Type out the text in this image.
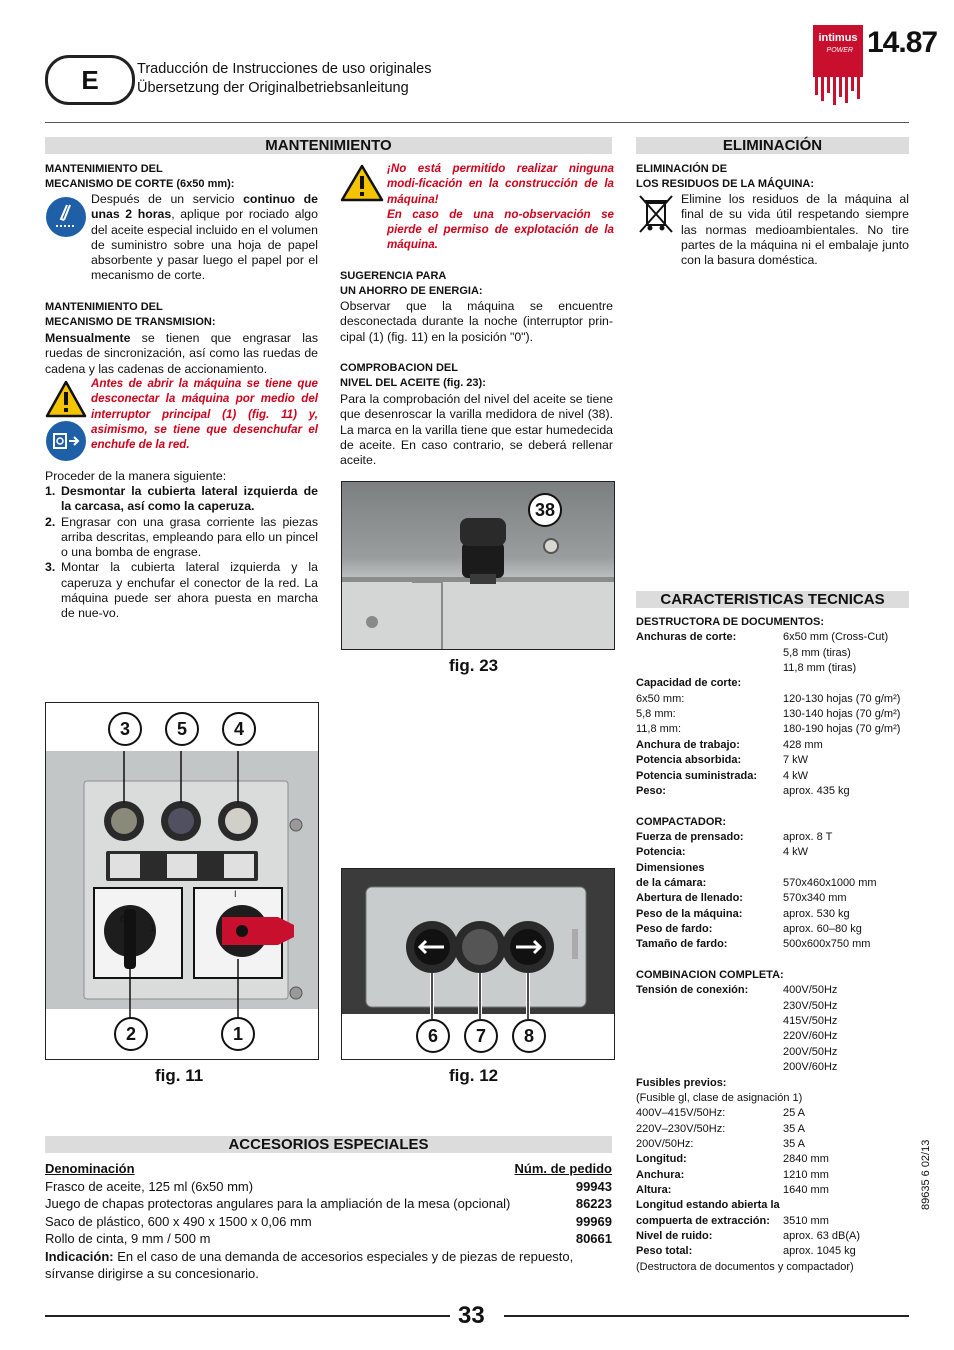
E	Traducción de Instrucciones de uso originales
Übersetzung der Originalbetriebsanleitung
intimus
POWER 14.87
MANTENIMIENTO
MANTENIMIENTO DEL
MECANISMO DE CORTE (6x50 mm):
Después de un servicio continuo de unas 2 horas, aplique por rociado algo del aceite especial incluido en el volumen de suministro sobre una hoja de papel absorbente y pasar luego el papel por el mecanismo de corte.
MANTENIMIENTO DEL
MECANISMO DE TRANSMISION:
Mensualmente se tienen que engrasar las ruedas de sincronización, así como las ruedas de cadena y las cadenas de accionamiento.
Antes de abrir la máquina se tiene que desconectar la máquina por medio del interruptor principal (1) (fig. 11) y, asimismo, se tiene que desenchufar el enchufe de la red.
Proceder de la manera siguiente:
1. Desmontar la cubierta lateral izquierda de la carcasa, así como la caperuza.
2. Engrasar con una grasa corriente las piezas arriba descritas, empleando para ello un pincel o una bomba de engrase.
3. Montar la cubierta lateral izquierda y la caperuza y enchufar el conector de la red. La máquina puede ser ahora puesta en marcha de nue-vo.
¡No está permitido realizar ninguna modi-ficación en la construcción de la máquina!
En caso de una no-observación se pierde el permiso de explotación de la máquina.
SUGERENCIA PARA
UN AHORRO DE ENERGIA:
Observar que la máquina se encuentre desconectada durante la noche (interruptor prin-cipal (1) (fig. 11) en la posición "0").
COMPROBACION DEL
NIVEL DEL ACEITE (fig. 23):
Para la comprobación del nivel del aceite se tiene que desenroscar la varilla medidora de nivel (38). La marca en la varilla tiene que estar humedecida de aceite. En caso contrario, se deberá rellenar aceite.
38
fig. 23
0
1
I
3	5	4
2	1
fig. 11
6	7	8
fig. 12
ACCESORIOS ESPECIALES
Denominación	Núm. de pedido
Frasco de aceite, 125 ml (6x50 mm)	99943
Juego de chapas protectoras angulares para la ampliación de la mesa (opcional)	86223
Saco de plástico, 600 x 490 x 1500 x 0,06 mm	99969
Rollo de cinta, 9 mm / 500 m	80661
Indicación: En el caso de una demanda de accesorios especiales y de piezas de repuesto, sírvanse dirigirse a su concesionario.
ELIMINACIÓN
ELIMINACIÓN DE
LOS RESIDUOS DE LA MÁQUINA:
Elimine los residuos de la máquina al final de su vida útil respetando siempre las normas medioambientales. No tire partes de la máquina ni el embalaje junto con la basura doméstica.
CARACTERISTICAS TECNICAS
DESTRUCTORA DE DOCUMENTOS:
Anchuras de corte:	6x50 mm (Cross-Cut)
5,8 mm (tiras)
11,8 mm (tiras)
Capacidad de corte:
6x50 mm:	120-130 hojas (70 g/m²)
5,8 mm:	130-140 hojas (70 g/m²)
11,8 mm:	180-190 hojas (70 g/m²)
Anchura de trabajo:	428 mm
Potencia absorbida:	7 kW
Potencia suministrada: 4 kW
Peso:	aprox. 435 kg
COMPACTADOR:
Fuerza de prensado:	aprox. 8 T
Potencia:	4 kW
Dimensiones
de la cámara:	570x460x1000 mm
Abertura de llenado:	570x340 mm
Peso de la máquina:	aprox. 530 kg
Peso de fardo:	aprox. 60–80 kg
Tamaño de fardo:	500x600x750 mm
COMBINACION COMPLETA:
Tensión de conexión:	400V/50Hz
230V/50Hz
415V/50Hz
220V/60Hz
200V/50Hz
200V/60Hz
Fusibles previos:
(Fusible gl, clase de asignación 1)
400V–415V/50Hz:	25 A
220V–230V/50Hz:	35 A
200V/50Hz:	35 A
Longitud:	2840 mm
Anchura:	1210 mm
Altura:	1640 mm
Longitud estando abierta la
compuerta de extracción: 3510 mm
Nivel de ruido:	aprox. 63 dB(A)
Peso total:	aprox. 1045 kg
(Destructora de documentos y compactador)
33
89635 6 02/13
